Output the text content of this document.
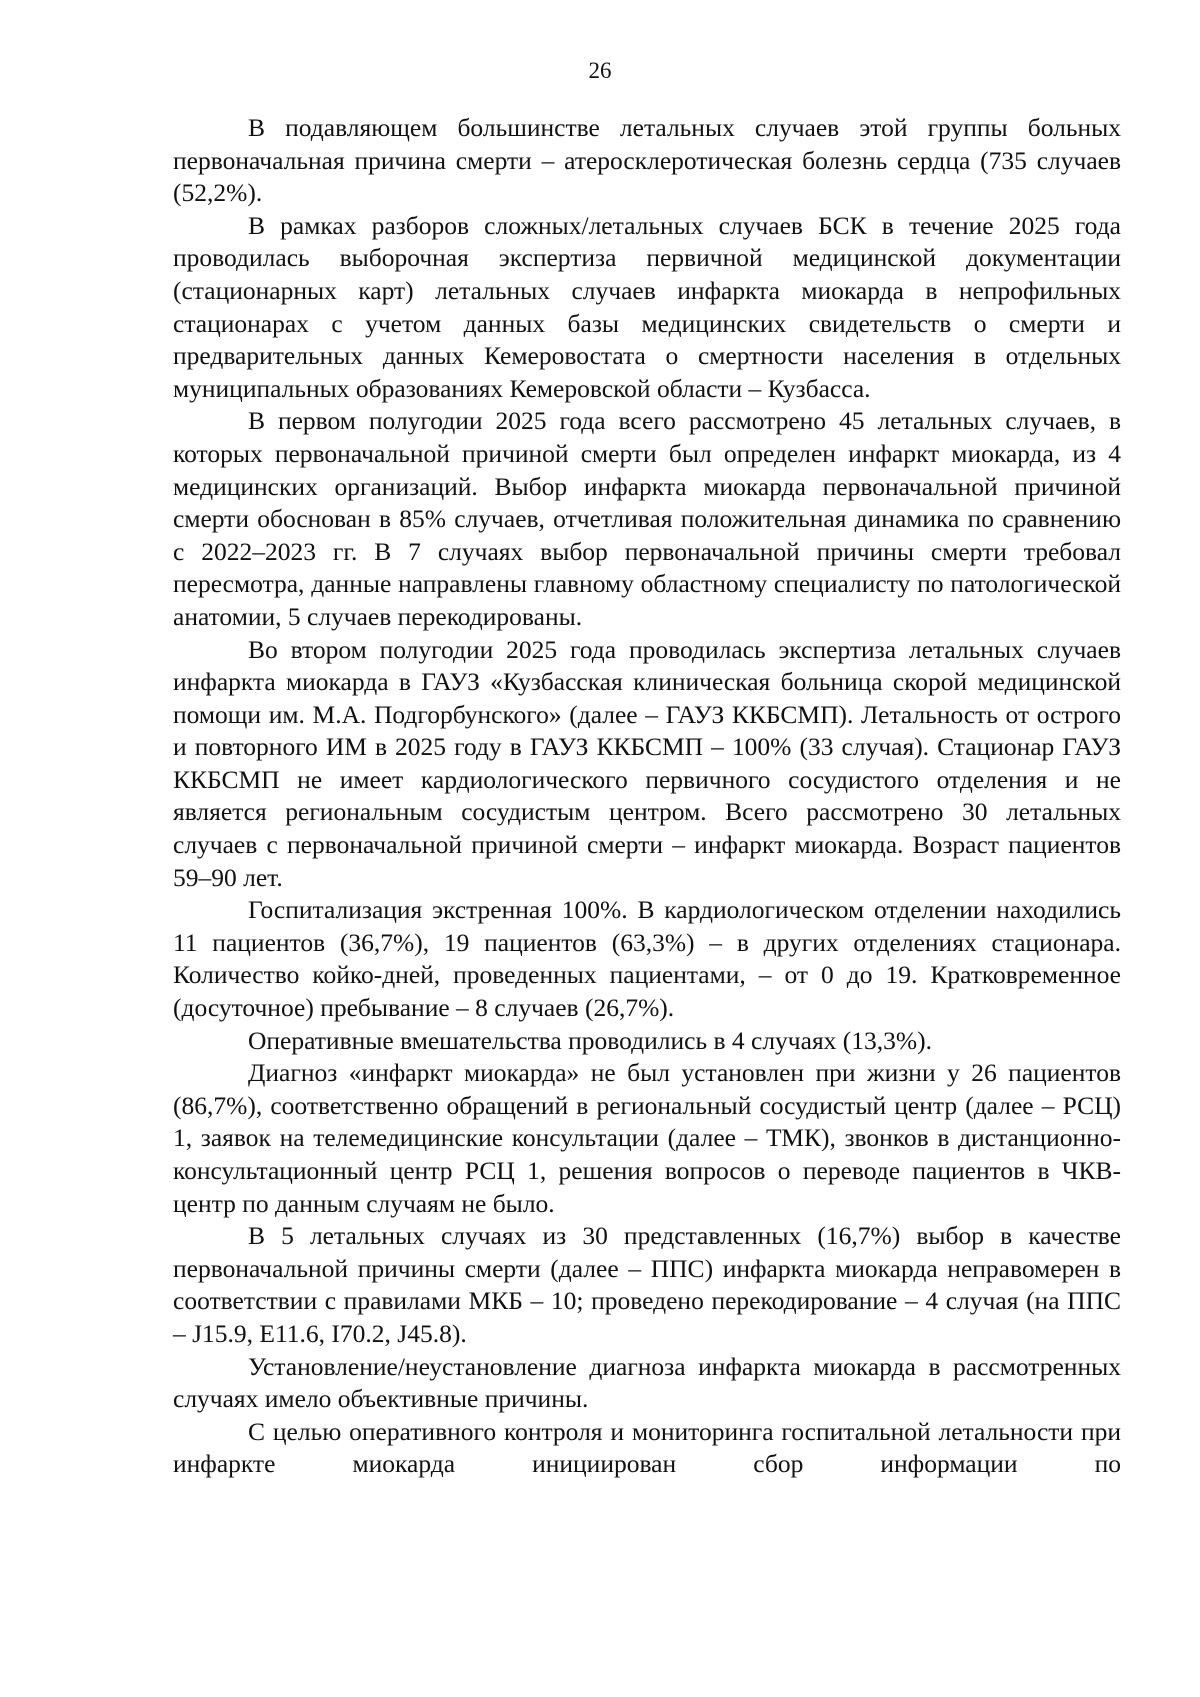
26

В подавляющем большинстве летальных случаев этой группы больных первоначальная причина смерти – атеросклеротическая болезнь сердца (735 случаев (52,2%).

В рамках разборов сложных/летальных случаев БСК в течение 2025 года проводилась выборочная экспертиза первичной медицинской документации (стационарных карт) летальных случаев инфаркта миокарда в непрофильных стационарах с учетом данных базы медицинских свидетельств о смерти и предварительных данных Кемеровостата о смертности населения в отдельных муниципальных образованиях Кемеровской области – Кузбасса.

В первом полугодии 2025 года всего рассмотрено 45 летальных случаев, в которых первоначальной причиной смерти был определен инфаркт миокарда, из 4 медицинских организаций. Выбор инфаркта миокарда первоначальной причиной смерти обоснован в 85% случаев, отчетливая положительная динамика по сравнению с 2022–2023 гг. В 7 случаях выбор первоначальной причины смерти требовал пересмотра, данные направлены главному областному специалисту по патологической анатомии, 5 случаев перекодированы.

Во втором полугодии 2025 года проводилась экспертиза летальных случаев инфаркта миокарда в ГАУЗ «Кузбасская клиническая больница скорой медицинской помощи им. М.А. Подгорбунского» (далее – ГАУЗ ККБСМП). Летальность от острого и повторного ИМ в 2025 году в ГАУЗ ККБСМП – 100% (33 случая). Стационар ГАУЗ ККБСМП не имеет кардиологического первичного сосудистого отделения и не является региональным сосудистым центром. Всего рассмотрено 30 летальных случаев с первоначальной причиной смерти – инфаркт миокарда. Возраст пациентов 59–90 лет.

Госпитализация экстренная 100%. В кардиологическом отделении находились 11 пациентов (36,7%), 19 пациентов (63,3%) – в других отделениях стационара. Количество койко-дней, проведенных пациентами, – от 0 до 19. Кратковременное (досуточное) пребывание – 8 случаев (26,7%).

Оперативные вмешательства проводились в 4 случаях (13,3%).

Диагноз «инфаркт миокарда» не был установлен при жизни у 26 пациентов (86,7%), соответственно обращений в региональный сосудистый центр (далее – РСЦ) 1, заявок на телемедицинские консультации (далее – ТМК), звонков в дистанционно-консультационный центр РСЦ 1, решения вопросов о переводе пациентов в ЧКВ-центр по данным случаям не было.

В 5 летальных случаях из 30 представленных (16,7%) выбор в качестве первоначальной причины смерти (далее – ППС) инфаркта миокарда неправомерен в соответствии с правилами МКБ – 10; проведено перекодирование – 4 случая (на ППС – J15.9, E11.6, I70.2, J45.8).

Установление/неустановление диагноза инфаркта миокарда в рассмотренных случаях имело объективные причины.

С целью оперативного контроля и мониторинга госпитальной летальности при инфаркте миокарда инициирован сбор информации по
